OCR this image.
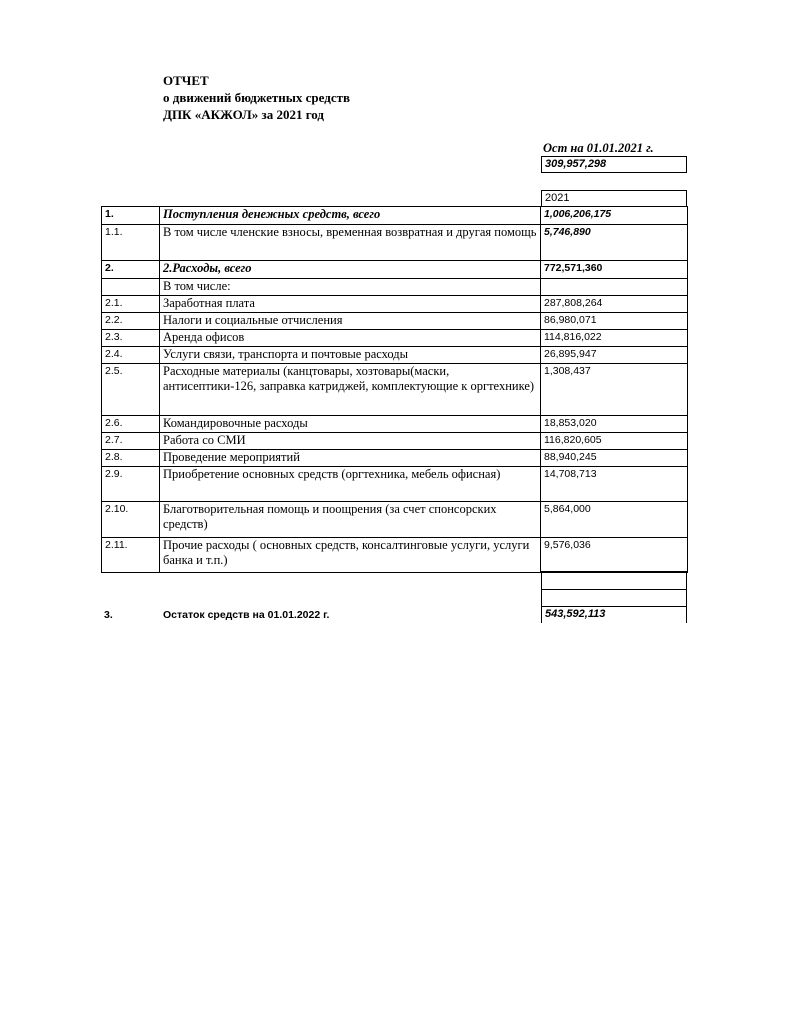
ОТЧЕТ
о движений бюджетных средств
ДПК «АКЖОЛ» за 2021 год
Ост на 01.01.2021 г.
309,957,298
2021
1.	Поступления денежных средств, всего	1,006,206,175
1.1.	В том числе членские взносы, временная возвратная и другая помощь	5,746,890
2.	2.Расходы, всего	772,571,360
	В том числе:	
2.1.	Заработная плата	287,808,264
2.2.	Налоги и социальные отчисления	86,980,071
2.3.	Аренда офисов	114,816,022
2.4.	Услуги связи, транспорта и почтовые расходы	26,895,947
2.5.	Расходные материалы (канцтовары, хозтовары(маски, антисептики-126, заправка катриджей, комплектующие к оргтехнике)	1,308,437
2.6.	Командировочные расходы	18,853,020
2.7.	Работа со СМИ	116,820,605
2.8.	Проведение мероприятий	88,940,245
2.9.	Приобретение основных средств (оргтехника, мебель офисная)	14,708,713
2.10.	Благотворительная помощь и поощрения (за счет спонсорских средств)	5,864,000
2.11.	Прочие расходы ( основных средств, консалтинговые услуги, услуги банка и т.п.)	9,576,036
3.	Остаток средств на 01.01.2022 г.	543,592,113
